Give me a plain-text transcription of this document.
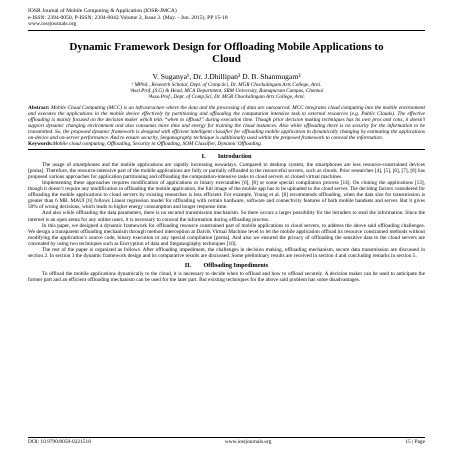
IOSR Journal of Mobile Computing & Application (IOSR-JMCA)
e-ISSN: 2394-0050, P-ISSN: 2394-0042.Volume 2, Issue 2. (May. - Jun. 2015), PP 15-18
www.iosrjournals.org
Dynamic Framework Design for Offloading Mobile Applications to Cloud
V. Suganya¹, Dr. J.Dhillipan² D. B. Shanmugam³
¹ MPhil., Research Scholar, Dept. of Comp.Sci, Dr. MGR Chockalingam Arts College, Arni.
²Asst.Prof.,(S.G) & Head, MCA Department, SRM University, Ramapuram Campus, Chennai
³Asso.Prof., Dept. of Comp.Sci, Dr. MGR Chockalingam Arts College, Arni.
Abstract: Mobile Cloud Computing (MCC) is an infrastructure where the data and the processing of data are outsourced. MCC integrates cloud computing into the mobile environment and executes the applications in the mobile device effectively by partitioning and offloading the computation intensive task to external resources (e.g. Public Clouds). The effective offloading is mainly focused on the decision maker which tells “when to offload” during execution time. Though prior decision making techniques has its own pros and cons, it doesn’t support dynamic changing environment and also consumes more time and energy for training the cloud instances. Also while offloading there is no security for the information to be transmitted. So, the proposed dynamic framework is designed with efficient intelligent classifier for offloading mobile application in dynamically changing by estimating the applications on-device and on-server performance. And to ensure security, Steganography technique is additionally used within the proposed framework to conceal the information.
Keywords:Mobile cloud computing, Offloading, Security in Offloading, SOM Classifier, Dynamic Offloading.
I. Introduction

The usage of smartphones and the mobile applications are rapidly increasing nowadays. Compared to desktop system, the smartphones are less resource-constrained devices [poma]. Therefore, the resource-intensive part of the mobile applications are fully or partially offloaded to the resourceful servers, such as clouds. Prior researches [4], [5], [6], [7], [8] has proposed various approaches for application partitioning and offloading the computation-intensive tasks to cloud servers or cloned virtual machines.

Implementing these approaches requires modification of applications or binary executables [6], [8] or some special compilation process [14]. On cloning the applications [13], though it doesn’t require any modification in offloading the mobile application, the full image of the mobile app has to be uploaded to the cloud server. The deciding factors considered for offloading the mobile applications to cloud servers by existing researches is less efficient. For example, Young et al. [8] recommends offloading, when the data size for transmission is greater than 6 MB. MAUI [6] follows Linear regression model for offloading with certain hardware, software and connectivity features of both mobile handsets and server. But it gives 50% of wrong decisions, which leads to higher energy consumption and longer response time.

And also while offloading the data parameters, there is no secured transmission mechanism. So there occurs a larger possibility for the intruders to steal the information. Since the internet is an open arena for any online users, it is necessary to conceal the information during offloading process.

In this paper, we designed a dynamic framework for offloading resource constrained part of mobile applications to cloud servers, to address the above said offloading challenges. We design a transparent offloading mechanism through method interception at Dalvik Virtual Machine level to let the mobile application offload its resource constrained methods without modifying the application’s source code, binary execution or any special compilation [poma]. And also we ensured the privacy of offloading the sensitive data to the cloud servers are concealed by using two techniques such as Encryption of data and Steganography techniques [10].

The rest of the paper is organized as follows. After offloading impediment, the challenges in decision making, offloading mechanism, secure data transmission are discussed in section 2. In section 3 the dynamic framework design and its comparative results are discussed. Some preliminary results are received in section 4 and concluding remarks in section 5.

II. Offloading Impediments

To offload the mobile applications dynamically to the cloud, it is necessary to decide when to offload and how to offload securely. A decision maker can be used to anticipate the former part and an efficient offloading mechanism can be used for the later part. But existing techniques for the above said problem has some disadvantages.

DOI: 10.9790/0050-0221518	www.iosrjournals.org	15 | Page
